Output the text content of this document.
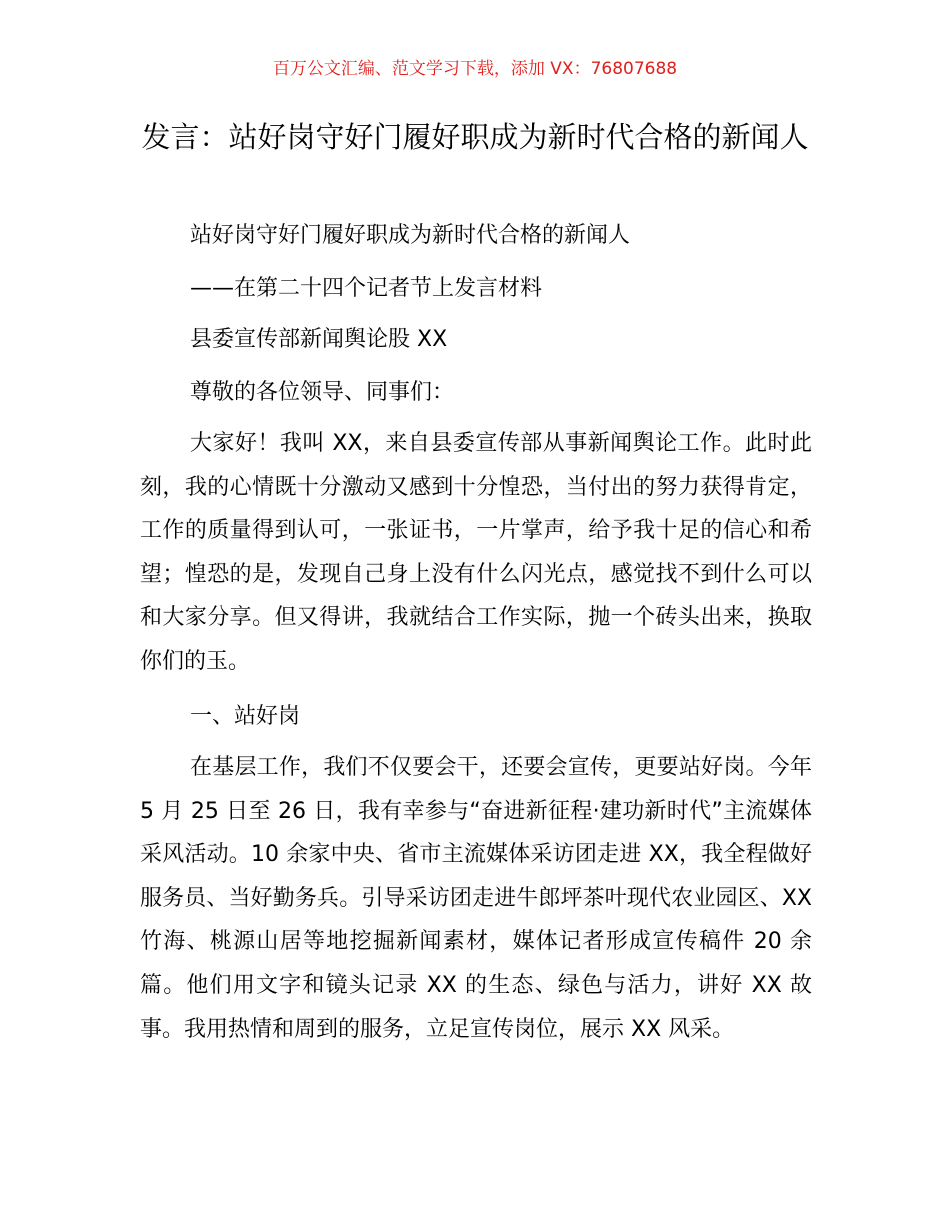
百万公文汇编、范文学习下载，添加 VX：76807688
发言：站好岗守好门履好职成为新时代合格的新闻人
站好岗守好门履好职成为新时代合格的新闻人
——在第二十四个记者节上发言材料
县委宣传部新闻舆论股 XX
尊敬的各位领导、同事们：
大家好！我叫 XX，来自县委宣传部从事新闻舆论工作。此时此刻，我的心情既十分激动又感到十分惶恐，当付出的努力获得肯定，工作的质量得到认可，一张证书，一片掌声，给予我十足的信心和希望；惶恐的是，发现自己身上没有什么闪光点，感觉找不到什么可以和大家分享。但又得讲，我就结合工作实际，抛一个砖头出来，换取你们的玉。
一、站好岗
在基层工作，我们不仅要会干，还要会宣传，更要站好岗。今年 5 月 25 日至 26 日，我有幸参与“奋进新征程·建功新时代”主流媒体采风活动。10 余家中央、省市主流媒体采访团走进 XX，我全程做好服务员、当好勤务兵。引导采访团走进牛郎坪茶叶现代农业园区、XX 竹海、桃源山居等地挖掘新闻素材，媒体记者形成宣传稿件 20 余篇。他们用文字和镜头记录 XX 的生态、绿色与活力，讲好 XX 故事。我用热情和周到的服务，立足宣传岗位，展示 XX 风采。
